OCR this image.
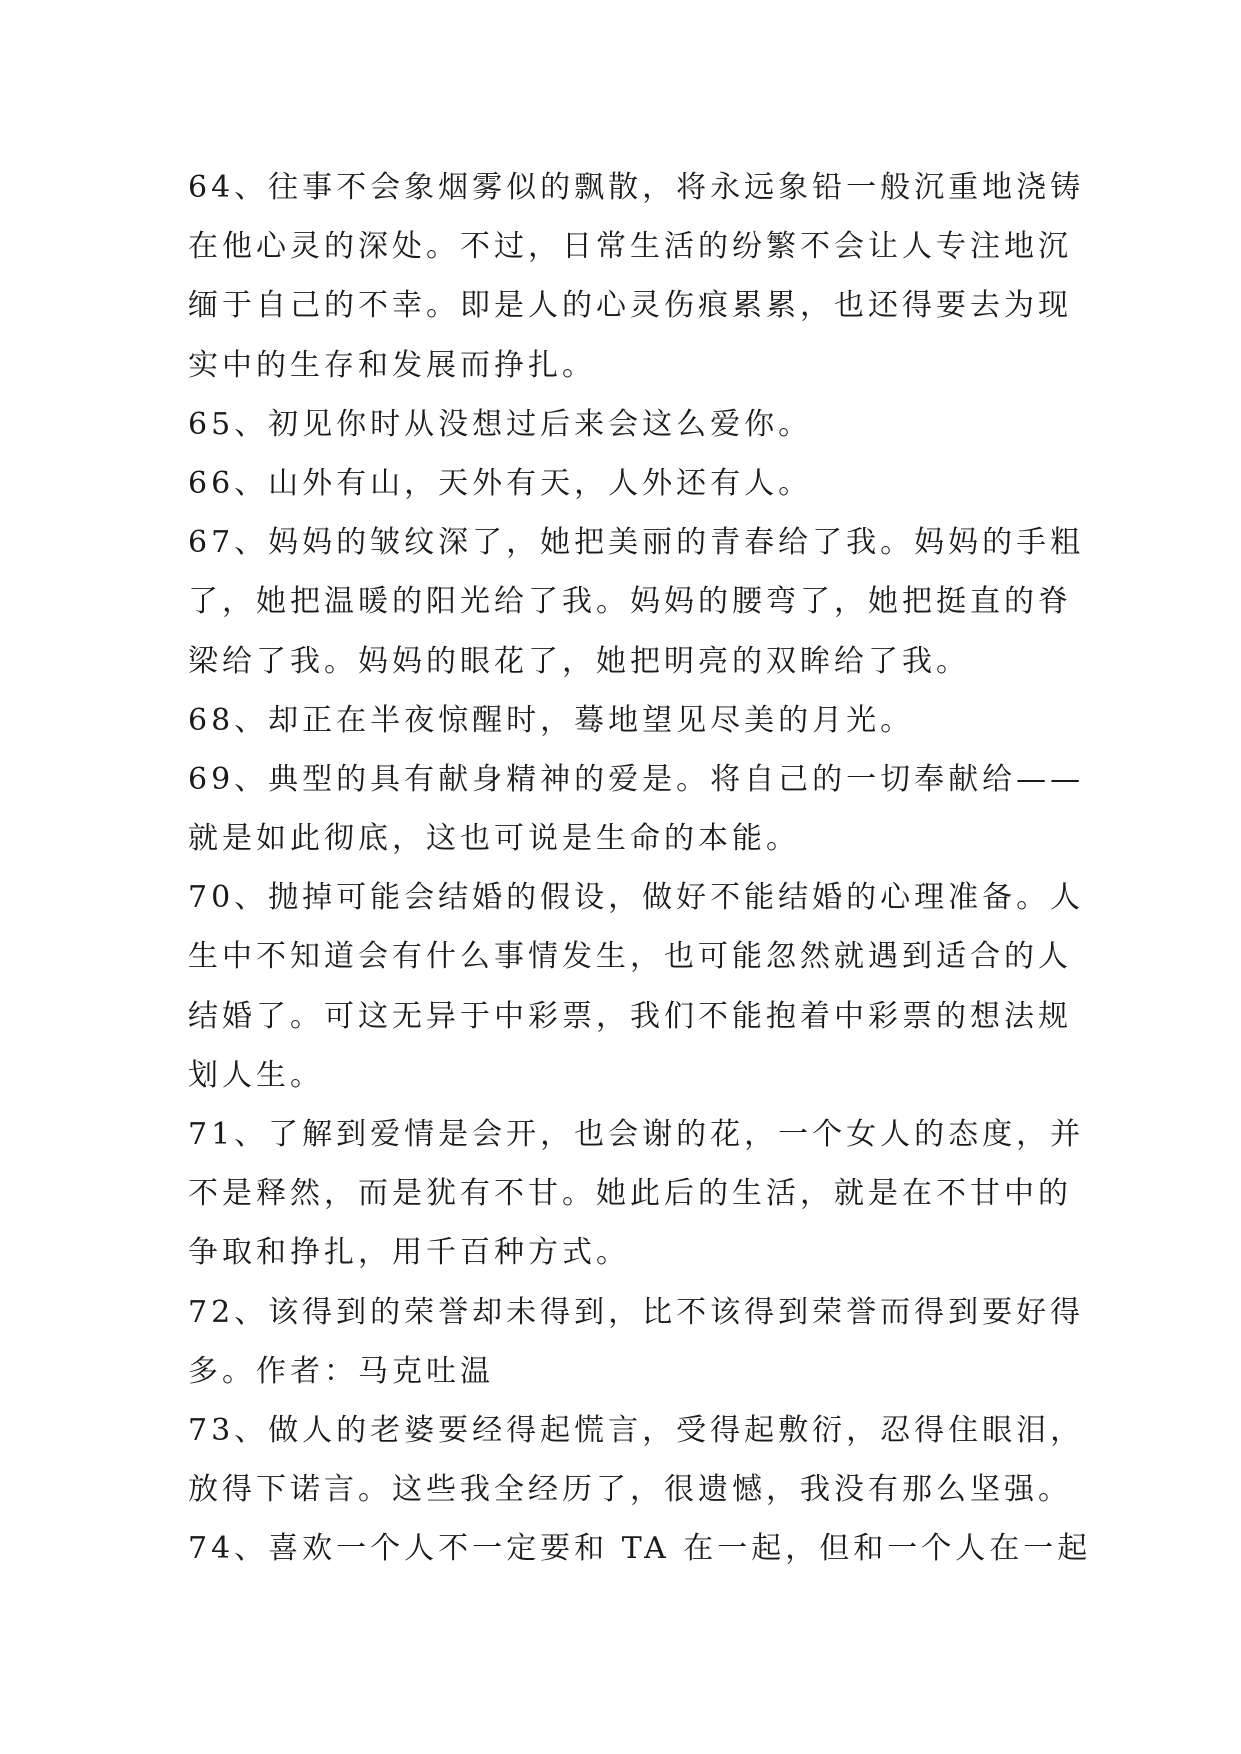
64、往事不会象烟雾似的飘散，将永远象铅一般沉重地浇铸
在他心灵的深处。不过，日常生活的纷繁不会让人专注地沉
缅于自己的不幸。即是人的心灵伤痕累累，也还得要去为现
实中的生存和发展而挣扎。

65、初见你时从没想过后来会这么爱你。

66、山外有山，天外有天，人外还有人。

67、妈妈的皱纹深了，她把美丽的青春给了我。妈妈的手粗
了，她把温暖的阳光给了我。妈妈的腰弯了，她把挺直的脊
梁给了我。妈妈的眼花了，她把明亮的双眸给了我。

68、却正在半夜惊醒时，蓦地望见尽美的月光。

69、典型的具有献身精神的爱是。将自己的一切奉献给——
就是如此彻底，这也可说是生命的本能。

70、抛掉可能会结婚的假设，做好不能结婚的心理准备。人
生中不知道会有什么事情发生，也可能忽然就遇到适合的人
结婚了。可这无异于中彩票，我们不能抱着中彩票的想法规
划人生。

71、了解到爱情是会开，也会谢的花，一个女人的态度，并
不是释然，而是犹有不甘。她此后的生活，就是在不甘中的
争取和挣扎，用千百种方式。

72、该得到的荣誉却未得到，比不该得到荣誉而得到要好得
多。作者：马克吐温

73、做人的老婆要经得起慌言，受得起敷衍，忍得住眼泪，
放得下诺言。这些我全经历了，很遗憾，我没有那么坚强。

74、喜欢一个人不一定要和 TA 在一起，但和一个人在一起
